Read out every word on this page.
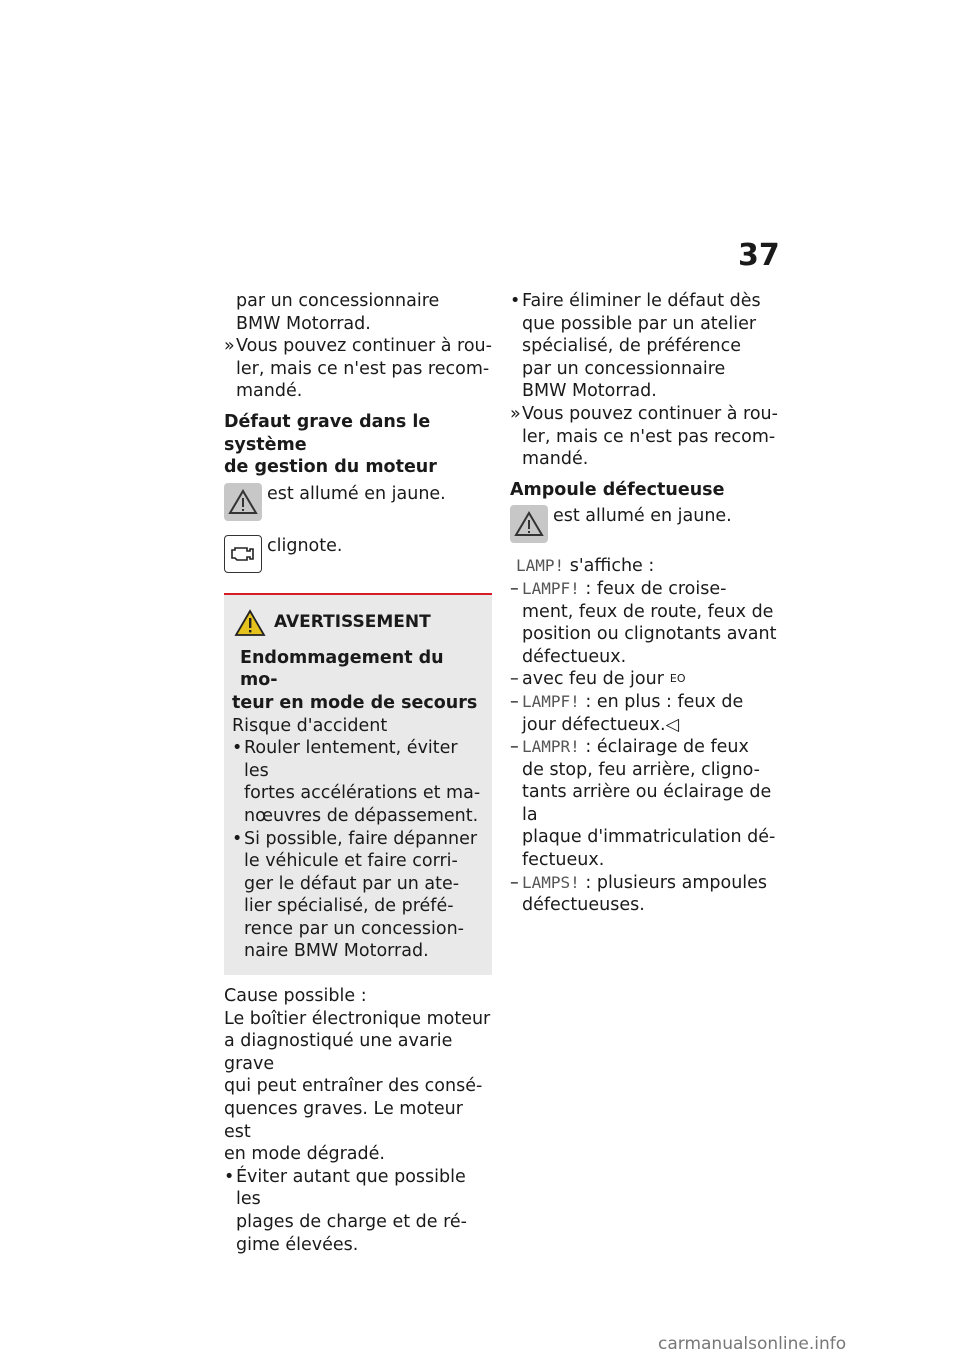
37
par un concessionnaire
BMW Motorrad.
» Vous pouvez continuer à rou-
ler, mais ce n'est pas recom-
mandé.
Défaut grave dans le système
de gestion du moteur
est allumé en jaune.
clignote.
AVERTISSEMENT
Endommagement du mo-
teur en mode de secours
Risque d'accident
• Rouler lentement, éviter les
fortes accélérations et ma-
nœuvres de dépassement.
• Si possible, faire dépanner
le véhicule et faire corri-
ger le défaut par un ate-
lier spécialisé, de préfé-
rence par un concession-
naire BMW Motorrad.
Cause possible :
Le boîtier électronique moteur
a diagnostiqué une avarie grave
qui peut entraîner des consé-
quences graves. Le moteur est
en mode dégradé.
• Éviter autant que possible les
plages de charge et de ré-
gime élevées.
• Faire éliminer le défaut dès
que possible par un atelier
spécialisé, de préférence
par un concessionnaire
BMW Motorrad.
» Vous pouvez continuer à rou-
ler, mais ce n'est pas recom-
mandé.
Ampoule défectueuse
est allumé en jaune.
LAMP! s'affiche :
– LAMPF! : feux de croise-
ment, feux de route, feux de
position ou clignotants avant
défectueux.
– avec feu de jour $^{EO}$
– LAMPF! : en plus : feux de
jour défectueux.◁
– LAMPR! : éclairage de feux
de stop, feu arrière, cligno-
tants arrière ou éclairage de la
plaque d'immatriculation dé-
fectueux.
– LAMPS! : plusieurs ampoules
défectueuses.
carmanualsonline.info
